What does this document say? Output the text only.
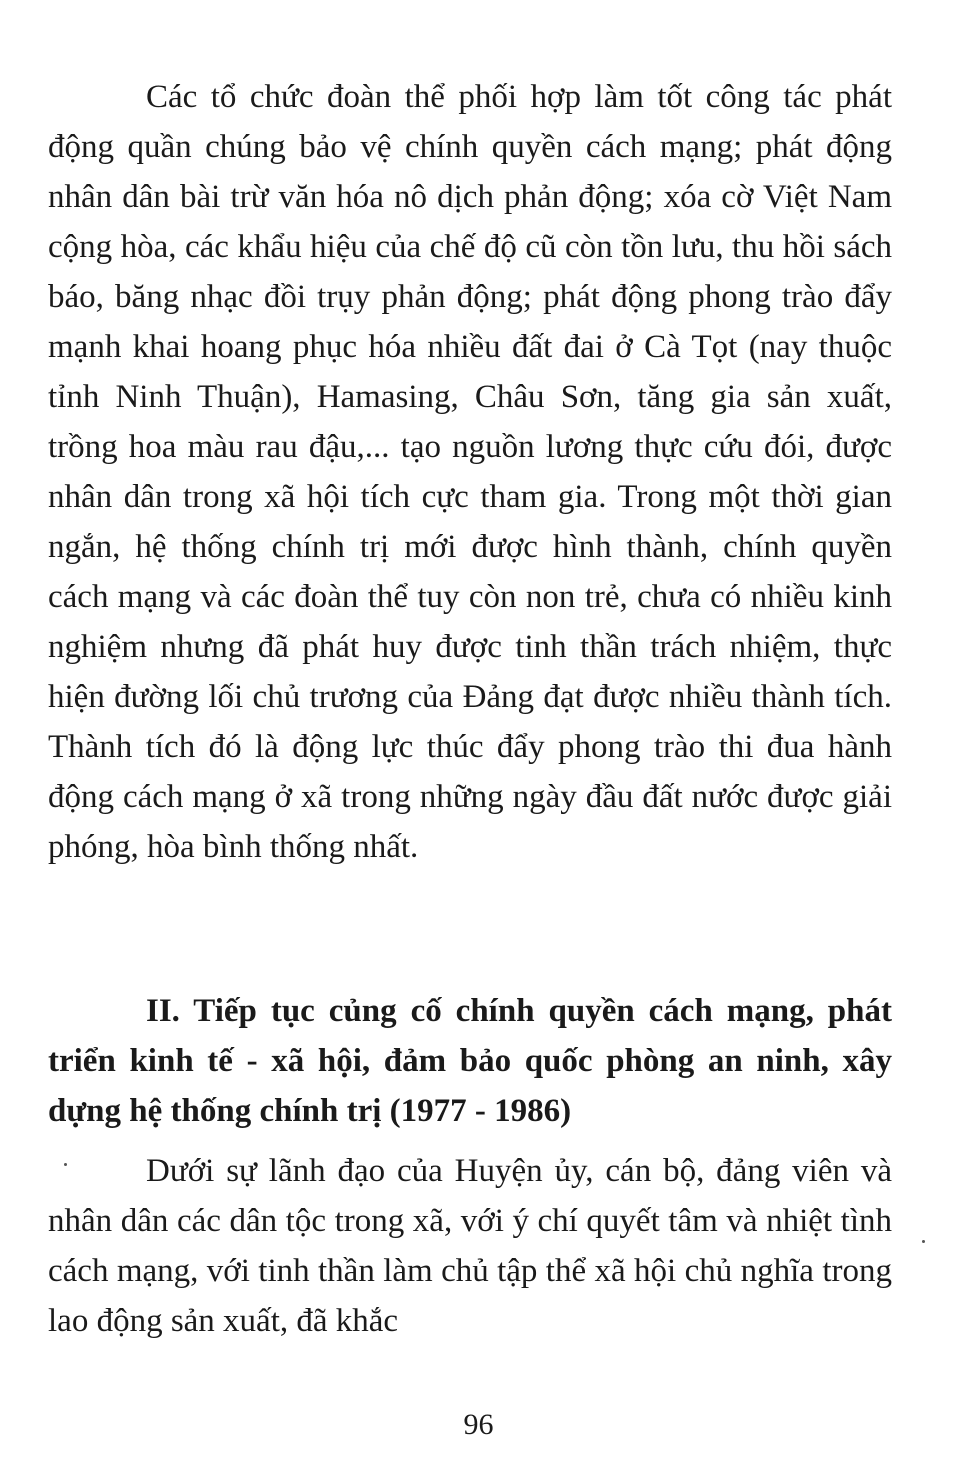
Các tổ chức đoàn thể phối hợp làm tốt công tác phát động quần chúng bảo vệ chính quyền cách mạng; phát động nhân dân bài trừ văn hóa nô dịch phản động; xóa cờ Việt Nam cộng hòa, các khẩu hiệu của chế độ cũ còn tồn lưu, thu hồi sách báo, băng nhạc đồi trụy phản động; phát động phong trào đẩy mạnh khai hoang phục hóa nhiều đất đai ở Cà Tọt (nay thuộc tỉnh Ninh Thuận), Hamasing, Châu Sơn, tăng gia sản xuất, trồng hoa màu rau đậu,... tạo nguồn lương thực cứu đói, được nhân dân trong xã hội tích cực tham gia. Trong một thời gian ngắn, hệ thống chính trị mới được hình thành, chính quyền cách mạng và các đoàn thể tuy còn non trẻ, chưa có nhiều kinh nghiệm nhưng đã phát huy được tinh thần trách nhiệm, thực hiện đường lối chủ trương của Đảng đạt được nhiều thành tích. Thành tích đó là động lực thúc đẩy phong trào thi đua hành động cách mạng ở xã trong những ngày đầu đất nước được giải phóng, hòa bình thống nhất.

II. Tiếp tục củng cố chính quyền cách mạng, phát triển kinh tế - xã hội, đảm bảo quốc phòng an ninh, xây dựng hệ thống chính trị (1977 - 1986)

Dưới sự lãnh đạo của Huyện ủy, cán bộ, đảng viên và nhân dân các dân tộc trong xã, với ý chí quyết tâm và nhiệt tình cách mạng, với tinh thần làm chủ tập thể xã hội chủ nghĩa trong lao động sản xuất, đã khắc

96
